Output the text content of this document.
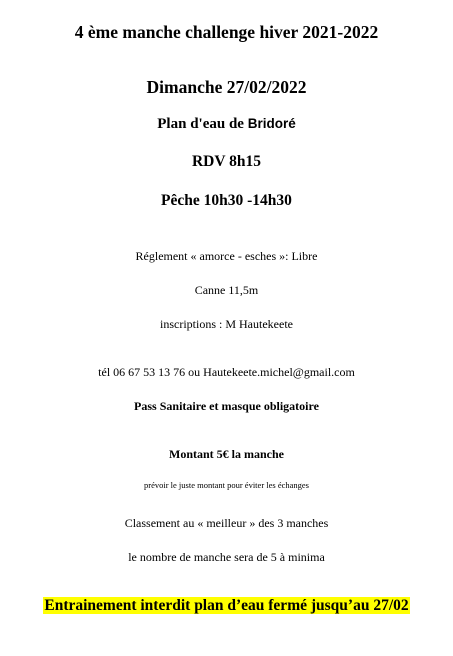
4 ème manche challenge hiver 2021-2022
Dimanche 27/02/2022
Plan d'eau de Bridoré
RDV 8h15
Pêche 10h30 -14h30
Réglement « amorce - esches »: Libre
Canne 11,5m
inscriptions : M Hautekeete
tél 06 67 53 13 76 ou Hautekeete.michel@gmail.com
Pass Sanitaire et masque obligatoire
Montant 5€ la manche
prévoir le juste montant pour éviter les échanges
Classement au « meilleur » des 3 manches
le nombre de manche sera de 5 à minima
Entrainement interdit plan d’eau fermé jusqu’au 27/02
